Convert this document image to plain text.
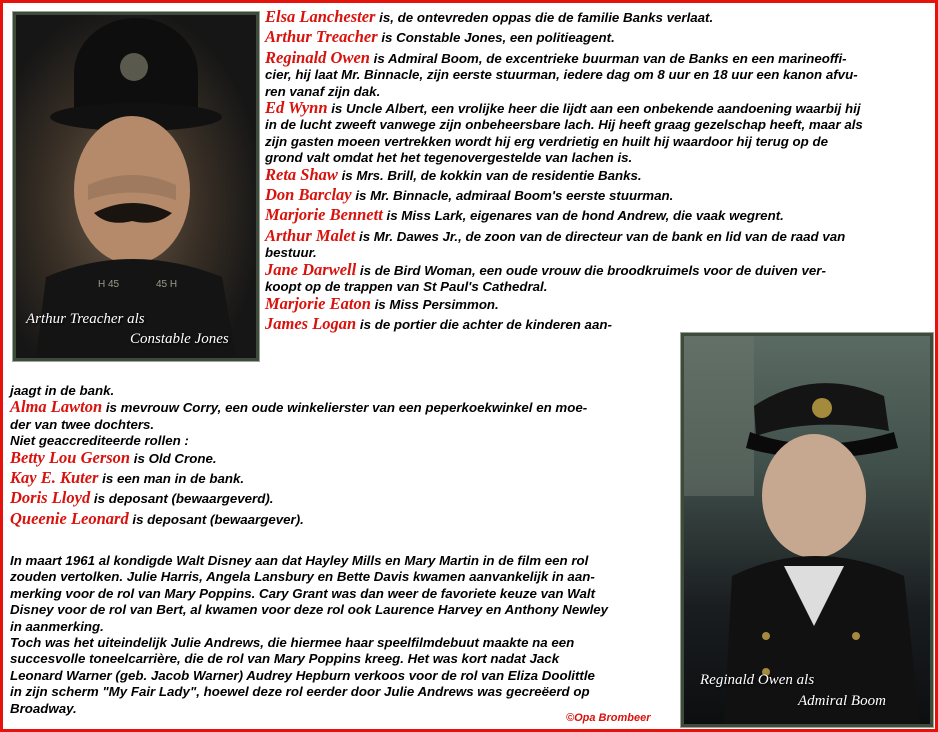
H 45	45 H
Arthur Treacher als
Constable Jones
Reginald Owen als
Admiral Boom
Elsa Lanchester is, de ontevreden oppas die de familie Banks verlaat.
Arthur Treacher is Constable Jones, een politieagent.
Reginald Owen is Admiral Boom, de excentrieke buurman van de Banks en een marineoffi-
cier, hij laat Mr. Binnacle, zijn eerste stuurman, iedere dag om 8 uur en 18 uur een kanon afvu-
ren vanaf zijn dak.
Ed Wynn is Uncle Albert, een vrolijke heer die lijdt aan een onbekende aandoening waarbij hij
in de lucht zweeft vanwege zijn onbeheersbare lach. Hij heeft graag gezelschap heeft, maar als
zijn gasten moeen vertrekken wordt hij erg verdrietig en huilt hij waardoor hij terug op de
grond valt omdat het het tegenovergestelde van lachen is.
Reta Shaw is Mrs. Brill, de kokkin van de residentie Banks.
Don Barclay is Mr. Binnacle, admiraal Boom's eerste stuurman.
Marjorie Bennett is Miss Lark, eigenares van de hond Andrew, die vaak wegrent.
Arthur Malet is Mr. Dawes Jr., de zoon van de directeur van de bank en lid van de raad van
bestuur.
Jane Darwell is de Bird Woman, een oude vrouw die broodkruimels voor de duiven ver-
koopt op de trappen van St Paul's Cathedral.
Marjorie Eaton is Miss Persimmon.
James Logan is de portier die achter de kinderen aan-
jaagt in de bank.
Alma Lawton is mevrouw Corry, een oude winkelierster van een peperkoekwinkel en moe-
der van twee dochters.
Niet geaccrediteerde rollen :
Betty Lou Gerson is Old Crone.
Kay E. Kuter is een man in de bank.
Doris Lloyd is deposant (bewaargeverd).
Queenie Leonard is deposant (bewaargever).
In maart 1961 al kondigde Walt Disney aan dat Hayley Mills en Mary Martin in de film een rol
zouden vertolken. Julie Harris, Angela Lansbury en Bette Davis kwamen aanvankelijk in aan-
merking voor de rol van Mary Poppins. Cary Grant was dan weer de favoriete keuze van Walt
Disney voor de rol van Bert, al kwamen voor deze rol ook Laurence Harvey en Anthony Newley
in aanmerking.
Toch was het uiteindelijk Julie Andrews, die hiermee haar speelfilmdebuut maakte na een
succesvolle toneelcarrière, die de rol van Mary Poppins kreeg. Het was kort nadat Jack
Leonard Warner (geb. Jacob Warner) Audrey Hepburn verkoos voor de rol van Eliza Doolittle
in zijn scherm "My Fair Lady", hoewel deze rol eerder door Julie Andrews was gecreëerd op
Broadway.
©Opa Brombeer
